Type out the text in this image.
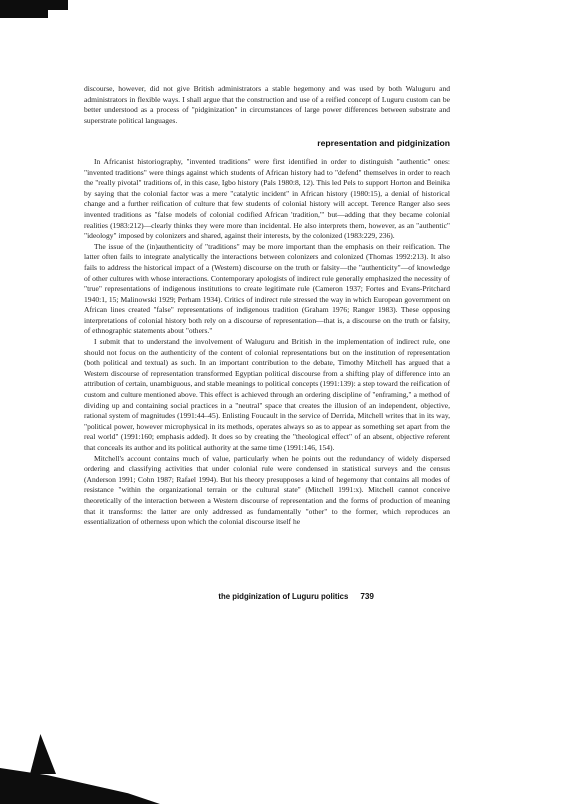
discourse, however, did not give British administrators a stable hegemony and was used by both Waluguru and administrators in flexible ways. I shall argue that the construction and use of a reified concept of Luguru custom can be better understood as a process of "pidginization" in circumstances of large power differences between substrate and superstrate political languages.

representation and pidginization

In Africanist historiography, "invented traditions" were first identified in order to distinguish "authentic" ones: "invented traditions" were things against which students of African history had to "defend" themselves in order to reach the "really pivotal" traditions of, in this case, Igbo history (Pals 1980:8, 12). This led Pels to support Horton and Beinika by saying that the colonial factor was a mere "catalytic incident" in African history (1980:15), a denial of historical change and a further reification of culture that few students of colonial history will accept. Terence Ranger also sees invented traditions as "false models of colonial codified African 'tradition,'" but—adding that they became colonial realities (1983:212)—clearly thinks they were more than incidental. He also interprets them, however, as an "authentic" "ideology" imposed by colonizers and shared, against their interests, by the colonized (1983:229, 236).

The issue of the (in)authenticity of "traditions" may be more important than the emphasis on their reification. The latter often fails to integrate analytically the interactions between colonizers and colonized (Thomas 1992:213). It also fails to address the historical impact of a (Western) discourse on the truth or falsity—the "authenticity"—of knowledge of other cultures with whose interactions. Contemporary apologists of indirect rule generally emphasized the necessity of "true" representations of indigenous institutions to create legitimate rule (Cameron 1937; Fortes and Evans-Pritchard 1940:1, 15; Malinowski 1929; Perham 1934). Critics of indirect rule stressed the way in which European government on African lines created "false" representations of indigenous tradition (Graham 1976; Ranger 1983). These opposing interpretations of colonial history both rely on a discourse of representation—that is, a discourse on the truth or falsity, of ethnographic statements about "others."

I submit that to understand the involvement of Waluguru and British in the implementation of indirect rule, one should not focus on the authenticity of the content of colonial representations but on the institution of representation (both political and textual) as such. In an important contribution to the debate, Timothy Mitchell has argued that a Western discourse of representation transformed Egyptian political discourse from a shifting play of difference into an attribution of certain, unambiguous, and stable meanings to political concepts (1991:139): a step toward the reification of custom and culture mentioned above. This effect is achieved through an ordering discipline of "enframing," a method of dividing up and containing social practices in a "neutral" space that creates the illusion of an independent, objective, rational system of magnitudes (1991:44–45). Enlisting Foucault in the service of Derrida, Mitchell writes that in its way, "political power, however microphysical in its methods, operates always so as to appear as something set apart from the real world" (1991:160; emphasis added). It does so by creating the "theological effect" of an absent, objective referent that conceals its author and its political authority at the same time (1991:146, 154).

Mitchell's account contains much of value, particularly when he points out the redundancy of widely dispersed ordering and classifying activities that under colonial rule were condensed in statistical surveys and the census (Anderson 1991; Cohn 1987; Rafael 1994). But his theory presupposes a kind of hegemony that contains all modes of resistance "within the organizational terrain or the cultural state" (Mitchell 1991:x). Mitchell cannot conceive theoretically of the interaction between a Western discourse of representation and the forms of production of meaning that it transforms: the latter are only addressed as fundamentally "other" to the former, which reproduces an essentialization of otherness upon which the colonial discourse itself he

the pidginization of Luguru politics 739
